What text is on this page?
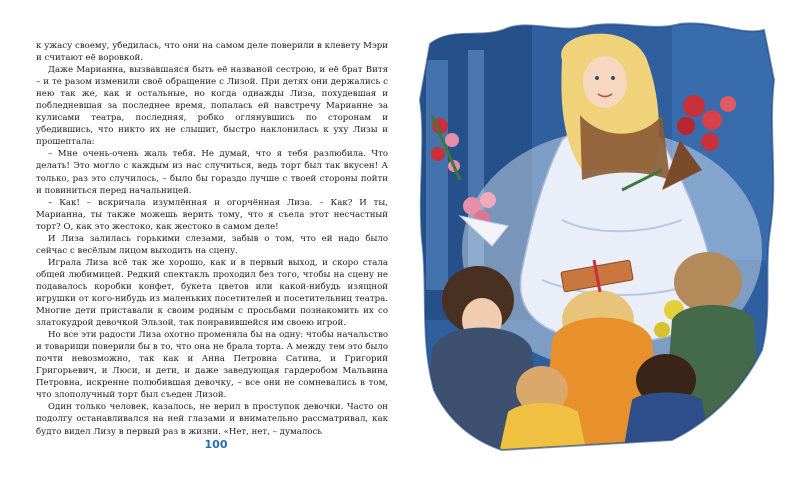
к ужасу своему, убедилась, что они на самом деле поверили в клевету Мэри и считают её воровкой.

Даже Марианна, вызвавшаяся быть её названой сестрою, и её брат Витя – и те разом изменили своё обращение с Лизой. При детях они держались с нею так же, как и остальные, но когда однажды Лиза, похудевшая и побледневшая за последнее время, попалась ей навстречу Марианне за кулисами театра, последняя, робко оглянувшись по сторонам и убедившись, что никто их не слышит, быстро наклонилась к уху Лизы и прошептала:

– Мне очень-очень жаль тебя. Не думай, что я тебя разлюбила. Что делать! Это могло с каждым из нас случиться, ведь торт был так вкусен! А только, раз это случилось, – было бы гораздо лучше с твоей стороны пойти и повиниться перед начальницей.

– Как! – вскричала изумлённая и огорчённая Лиза. – Как? И ты, Марианна, ты также можешь верить тому, что я съела этот несчастный торт? О, как это жестоко, как жестоко в самом деле!

И Лиза залилась горькими слезами, забыв о том, что ей надо было сейчас с весёлым лицом выходить на сцену.

Играла Лиза всё так же хорошо, как и в первый выход, и скоро стала общей любимицей. Редкий спектакль проходил без того, чтобы на сцену не подавалось коробки конфет, букета цветов или какой-нибудь изящной игрушки от кого-нибудь из маленьких посетителей и посетительниц театра. Многие дети приставали к своим родным с просьбами познакомить их со златокудрой девочкой Эльзой, так понравившейся им своею игрой.

Но все эти радости Лиза охотно променяла бы на одну: чтобы начальство и товарищи поверили бы в то, что она не брала торта. А между тем это было почти невозможно, так как и Анна Петровна Сатина, и Григорий Григорьевич, и Люси, и дети, и даже заведующая гардеробом Мальвина Петровна, искренне полюбившая девочку, – все они не сомневались в том, что злополучный торт был съеден Лизой.

Один только человек, казалось, не верил в проступок девочки. Часто он подолгу останавливался на ней глазами и внимательно рассматривал, как будто видел Лизу в первый раз в жизни. «Нет, нет, – думалось

100
